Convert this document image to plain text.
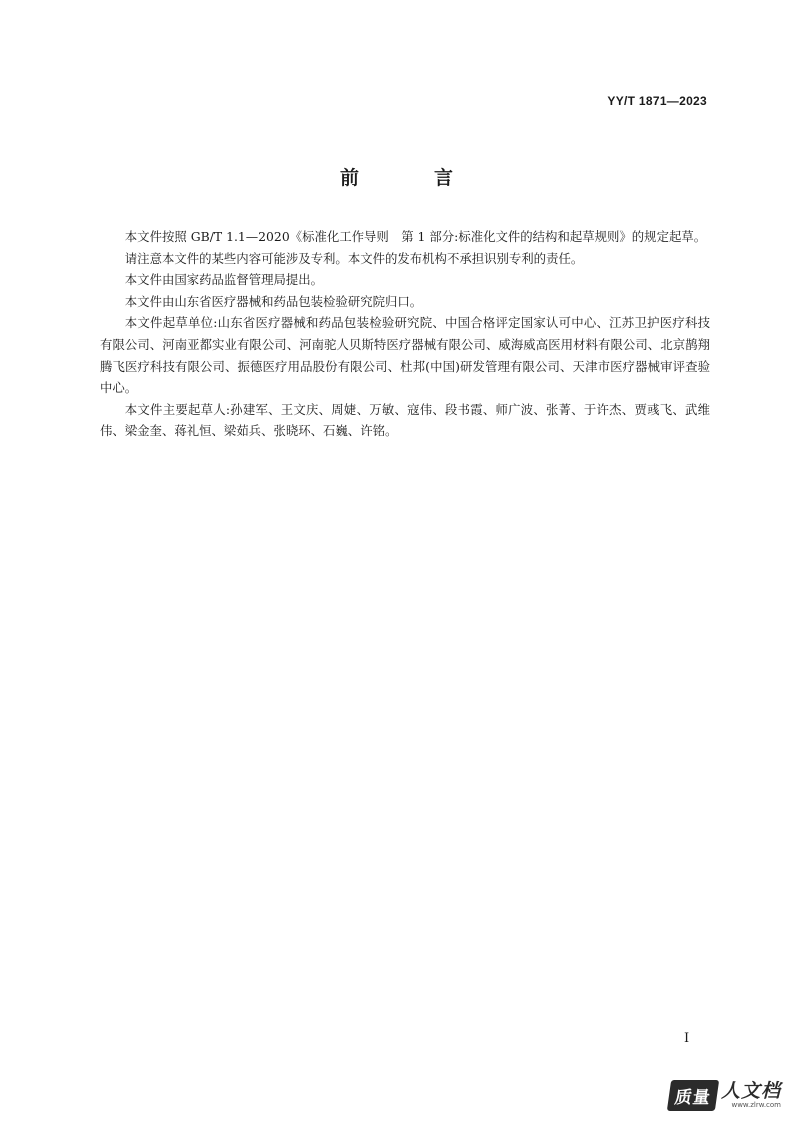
YY/T 1871—2023
前　言

本文件按照 GB/T 1.1—2020《标准化工作导则　第 1 部分:标准化文件的结构和起草规则》的规定起草。

请注意本文件的某些内容可能涉及专利。本文件的发布机构不承担识别专利的责任。

本文件由国家药品监督管理局提出。

本文件由山东省医疗器械和药品包装检验研究院归口。

本文件起草单位:山东省医疗器械和药品包装检验研究院、中国合格评定国家认可中心、江苏卫护医疗科技有限公司、河南亚都实业有限公司、河南驼人贝斯特医疗器械有限公司、威海威高医用材料有限公司、北京鹊翔腾飞医疗科技有限公司、振德医疗用品股份有限公司、杜邦(中国)研发管理有限公司、天津市医疗器械审评查验中心。

本文件主要起草人:孙建军、王文庆、周婕、万敏、寇伟、段书霞、师广波、张菁、于许杰、贾彧飞、武维伟、梁金奎、蒋礼恒、梁茹兵、张晓环、石巍、许铭。

I
质量 人文档
www.zlrw.com
